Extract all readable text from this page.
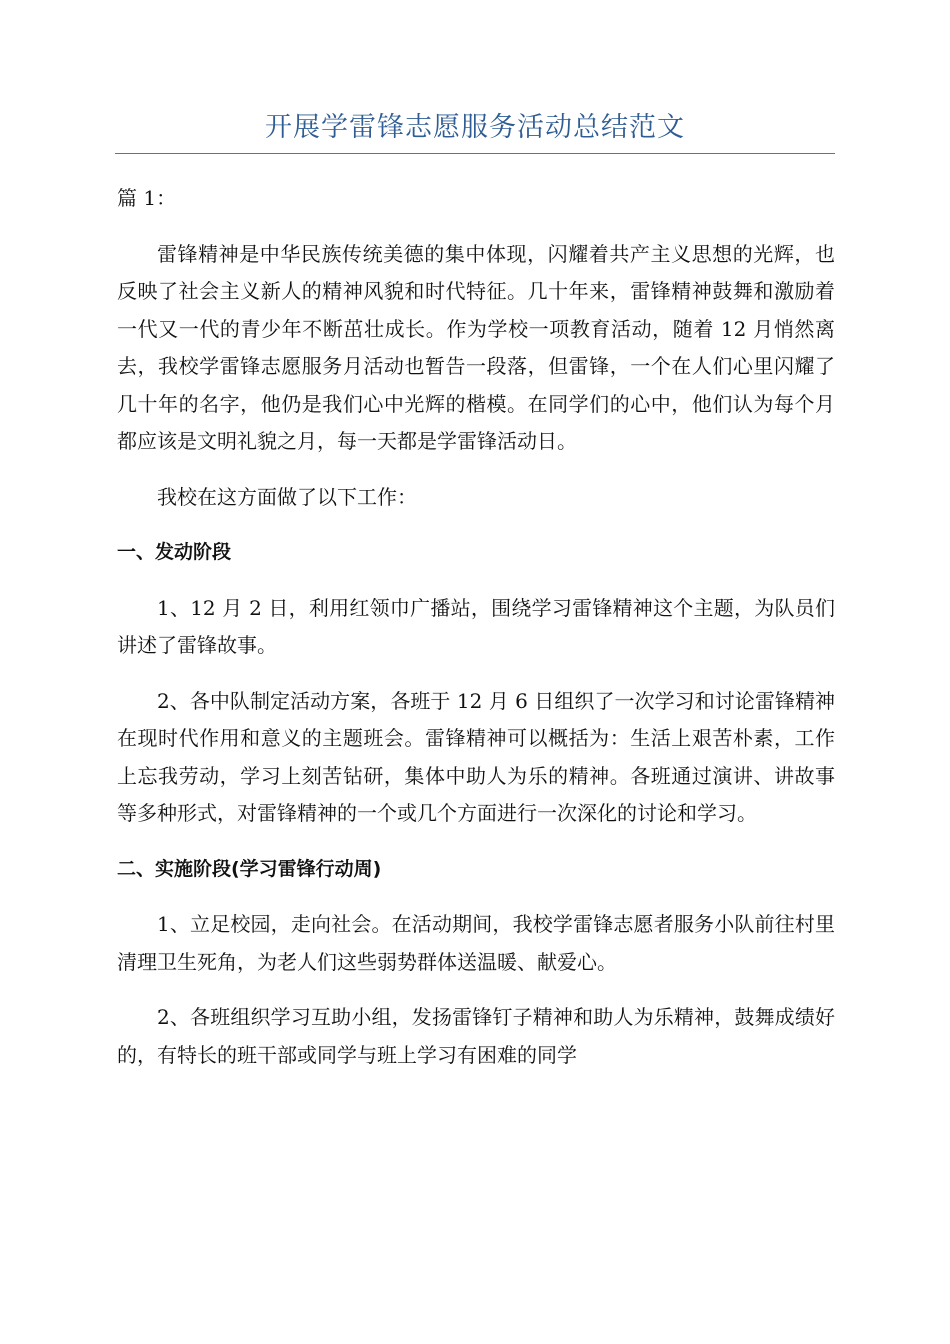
开展学雷锋志愿服务活动总结范文

篇 1：

雷锋精神是中华民族传统美德的集中体现，闪耀着共产主义思想的光辉，也反映了社会主义新人的精神风貌和时代特征。几十年来，雷锋精神鼓舞和激励着一代又一代的青少年不断茁壮成长。作为学校一项教育活动，随着 12 月悄然离去，我校学雷锋志愿服务月活动也暂告一段落，但雷锋，一个在人们心里闪耀了几十年的名字，他仍是我们心中光辉的楷模。在同学们的心中，他们认为每个月都应该是文明礼貌之月，每一天都是学雷锋活动日。

我校在这方面做了以下工作：

一、发动阶段

1、12 月 2 日，利用红领巾广播站，围绕学习雷锋精神这个主题，为队员们讲述了雷锋故事。

2、各中队制定活动方案，各班于 12 月 6 日组织了一次学习和讨论雷锋精神在现时代作用和意义的主题班会。雷锋精神可以概括为：生活上艰苦朴素，工作上忘我劳动，学习上刻苦钻研，集体中助人为乐的精神。各班通过演讲、讲故事等多种形式，对雷锋精神的一个或几个方面进行一次深化的讨论和学习。

二、实施阶段(学习雷锋行动周)

1、立足校园，走向社会。在活动期间，我校学雷锋志愿者服务小队前往村里清理卫生死角，为老人们这些弱势群体送温暖、献爱心。

2、各班组织学习互助小组，发扬雷锋钉子精神和助人为乐精神，鼓舞成绩好的，有特长的班干部或同学与班上学习有困难的同学
